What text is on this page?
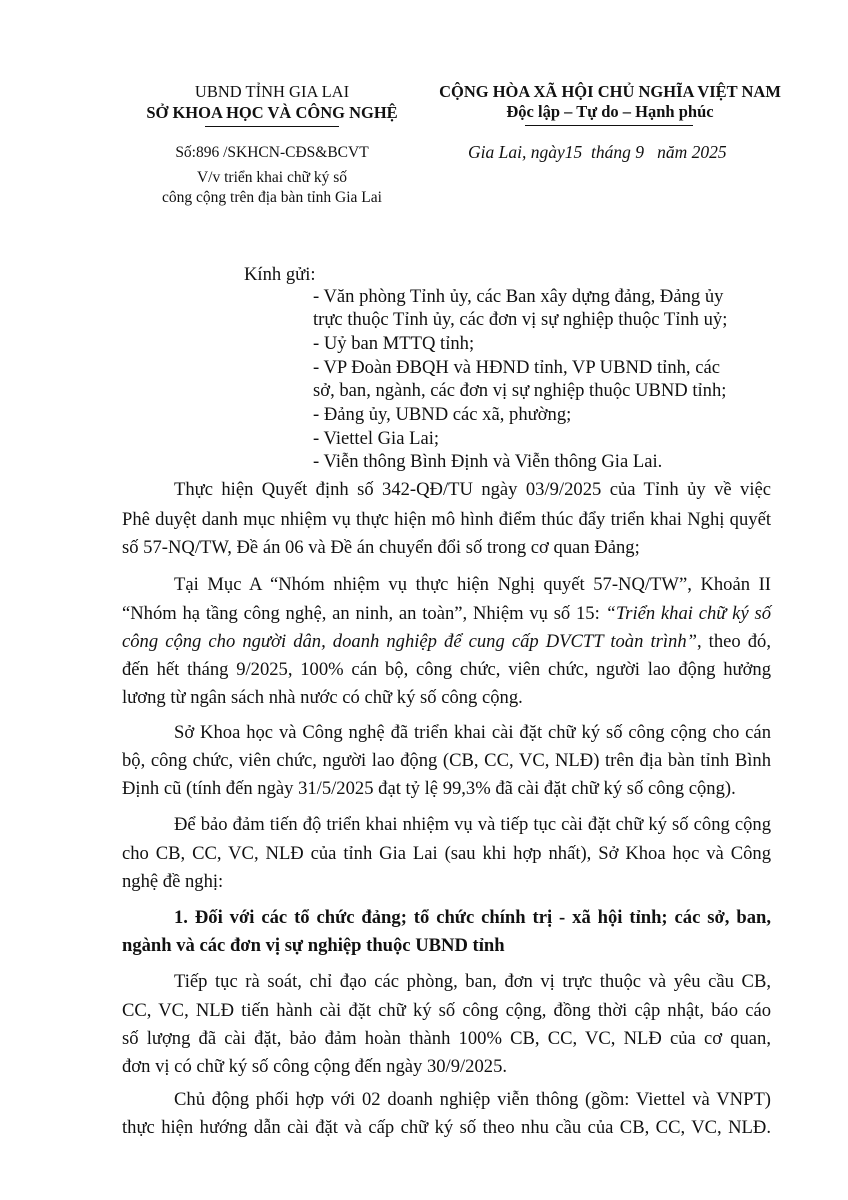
UBND TỈNH GIA LAI
SỞ KHOA HỌC VÀ CÔNG NGHỆ
Số:896 /SKHCN-CĐS&BCVT
V/v triển khai chữ ký số
công cộng trên địa bàn tỉnh Gia Lai
CỘNG HÒA XÃ HỘI CHỦ NGHĨA VIỆT NAM
Độc lập – Tự do – Hạnh phúc
Gia Lai, ngày15 tháng 9 năm 2025
Kính gửi:
- Văn phòng Tỉnh ủy, các Ban xây dựng đảng, Đảng ủy
trực thuộc Tỉnh ủy, các đơn vị sự nghiệp thuộc Tỉnh uỷ;
- Uỷ ban MTTQ tỉnh;
- VP Đoàn ĐBQH và HĐND tỉnh, VP UBND tỉnh, các
sở, ban, ngành, các đơn vị sự nghiệp thuộc UBND tỉnh;
- Đảng ủy, UBND các xã, phường;
- Viettel Gia Lai;
- Viễn thông Bình Định và Viễn thông Gia Lai.
Thực hiện Quyết định số 342-QĐ/TU ngày 03/9/2025 của Tỉnh ủy về việc
Phê duyệt danh mục nhiệm vụ thực hiện mô hình điểm thúc đẩy triển khai Nghị quyết
số 57-NQ/TW, Đề án 06 và Đề án chuyển đổi số trong cơ quan Đảng;
Tại Mục A “Nhóm nhiệm vụ thực hiện Nghị quyết 57-NQ/TW”, Khoản II
“Nhóm hạ tầng công nghệ, an ninh, an toàn”, Nhiệm vụ số 15: “Triển khai chữ ký số
công cộng cho người dân, doanh nghiệp để cung cấp DVCTT toàn trình”, theo đó,
đến hết tháng 9/2025, 100% cán bộ, công chức, viên chức, người lao động hưởng
lương từ ngân sách nhà nước có chữ ký số công cộng.
Sở Khoa học và Công nghệ đã triển khai cài đặt chữ ký số công cộng cho cán
bộ, công chức, viên chức, người lao động (CB, CC, VC, NLĐ) trên địa bàn tỉnh Bình
Định cũ (tính đến ngày 31/5/2025 đạt tỷ lệ 99,3% đã cài đặt chữ ký số công cộng).
Để bảo đảm tiến độ triển khai nhiệm vụ và tiếp tục cài đặt chữ ký số công cộng
cho CB, CC, VC, NLĐ của tỉnh Gia Lai (sau khi hợp nhất), Sở Khoa học và Công
nghệ đề nghị:
1. Đối với các tổ chức đảng; tổ chức chính trị - xã hội tỉnh; các sở, ban,
ngành và các đơn vị sự nghiệp thuộc UBND tỉnh
Tiếp tục rà soát, chỉ đạo các phòng, ban, đơn vị trực thuộc và yêu cầu CB,
CC, VC, NLĐ tiến hành cài đặt chữ ký số công cộng, đồng thời cập nhật, báo cáo
số lượng đã cài đặt, bảo đảm hoàn thành 100% CB, CC, VC, NLĐ của cơ quan,
đơn vị có chữ ký số công cộng đến ngày 30/9/2025.
Chủ động phối hợp với 02 doanh nghiệp viễn thông (gồm: Viettel và VNPT)
thực hiện hướng dẫn cài đặt và cấp chữ ký số theo nhu cầu của CB, CC, VC, NLĐ.
